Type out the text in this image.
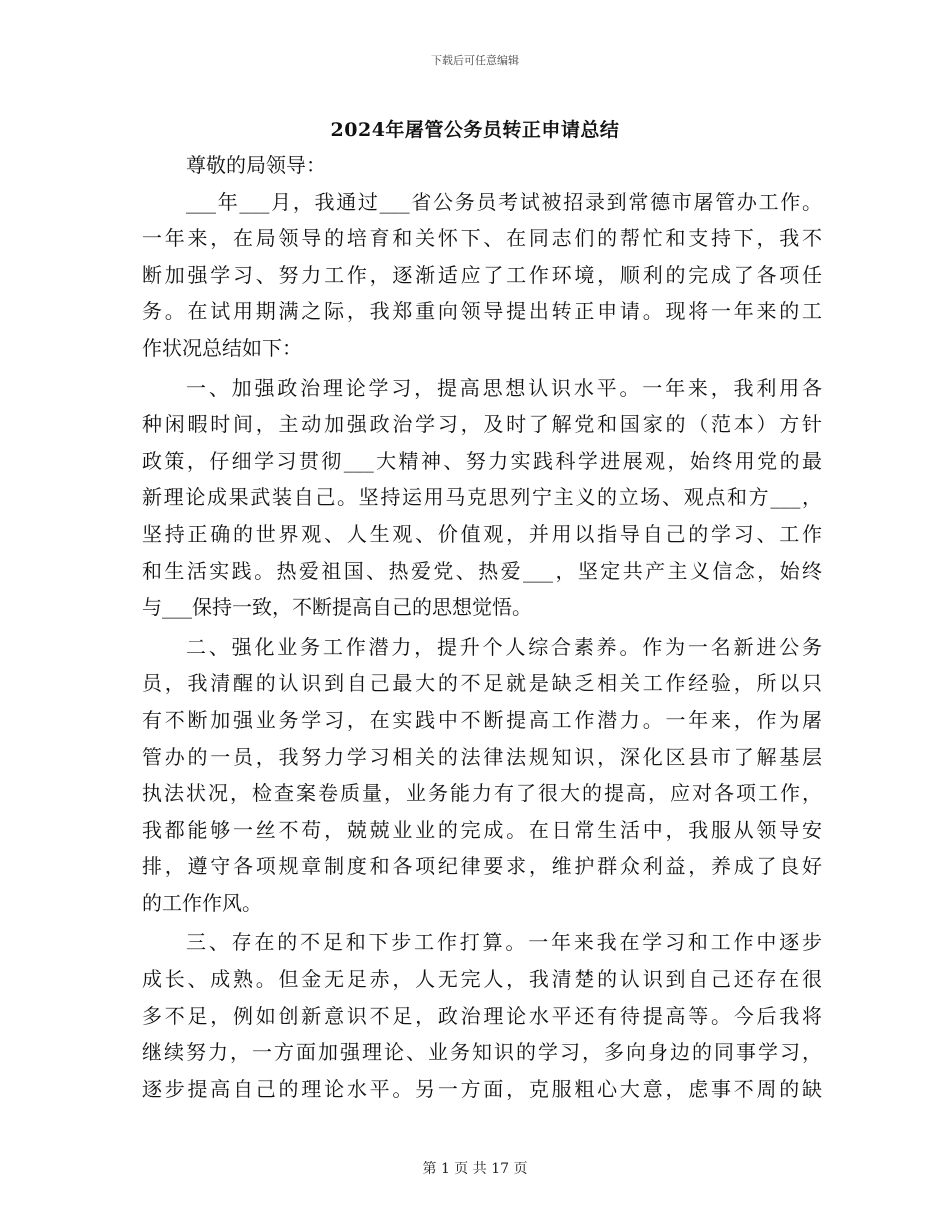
下载后可任意编辑
2024年屠管公务员转正申请总结
尊敬的局领导：
___年___月，我通过___省公务员考试被招录到常德市屠管办工作。
一年来，在局领导的培育和关怀下、在同志们的帮忙和支持下，我不
断加强学习、努力工作，逐渐适应了工作环境，顺利的完成了各项任
务。在试用期满之际，我郑重向领导提出转正申请。现将一年来的工
作状况总结如下：
一、加强政治理论学习，提高思想认识水平。一年来，我利用各
种闲暇时间，主动加强政治学习，及时了解党和国家的（范本）方针
政策，仔细学习贯彻___大精神、努力实践科学进展观，始终用党的最
新理论成果武装自己。坚持运用马克思列宁主义的立场、观点和方___，
坚持正确的世界观、人生观、价值观，并用以指导自己的学习、工作
和生活实践。热爱祖国、热爱党、热爱___，坚定共产主义信念，始终
与___保持一致，不断提高自己的思想觉悟。
二、强化业务工作潜力，提升个人综合素养。作为一名新进公务
员，我清醒的认识到自己最大的不足就是缺乏相关工作经验，所以只
有不断加强业务学习，在实践中不断提高工作潜力。一年来，作为屠
管办的一员，我努力学习相关的法律法规知识，深化区县市了解基层
执法状况，检查案卷质量，业务能力有了很大的提高，应对各项工作，
我都能够一丝不苟，兢兢业业的完成。在日常生活中，我服从领导安
排，遵守各项规章制度和各项纪律要求，维护群众利益，养成了良好
的工作作风。
三、存在的不足和下步工作打算。一年来我在学习和工作中逐步
成长、成熟。但金无足赤，人无完人，我清楚的认识到自己还存在很
多不足，例如创新意识不足，政治理论水平还有待提高等。今后我将
继续努力，一方面加强理论、业务知识的学习，多向身边的同事学习，
逐步提高自己的理论水平。另一方面，克服粗心大意，虑事不周的缺
第 1 页 共 17 页
